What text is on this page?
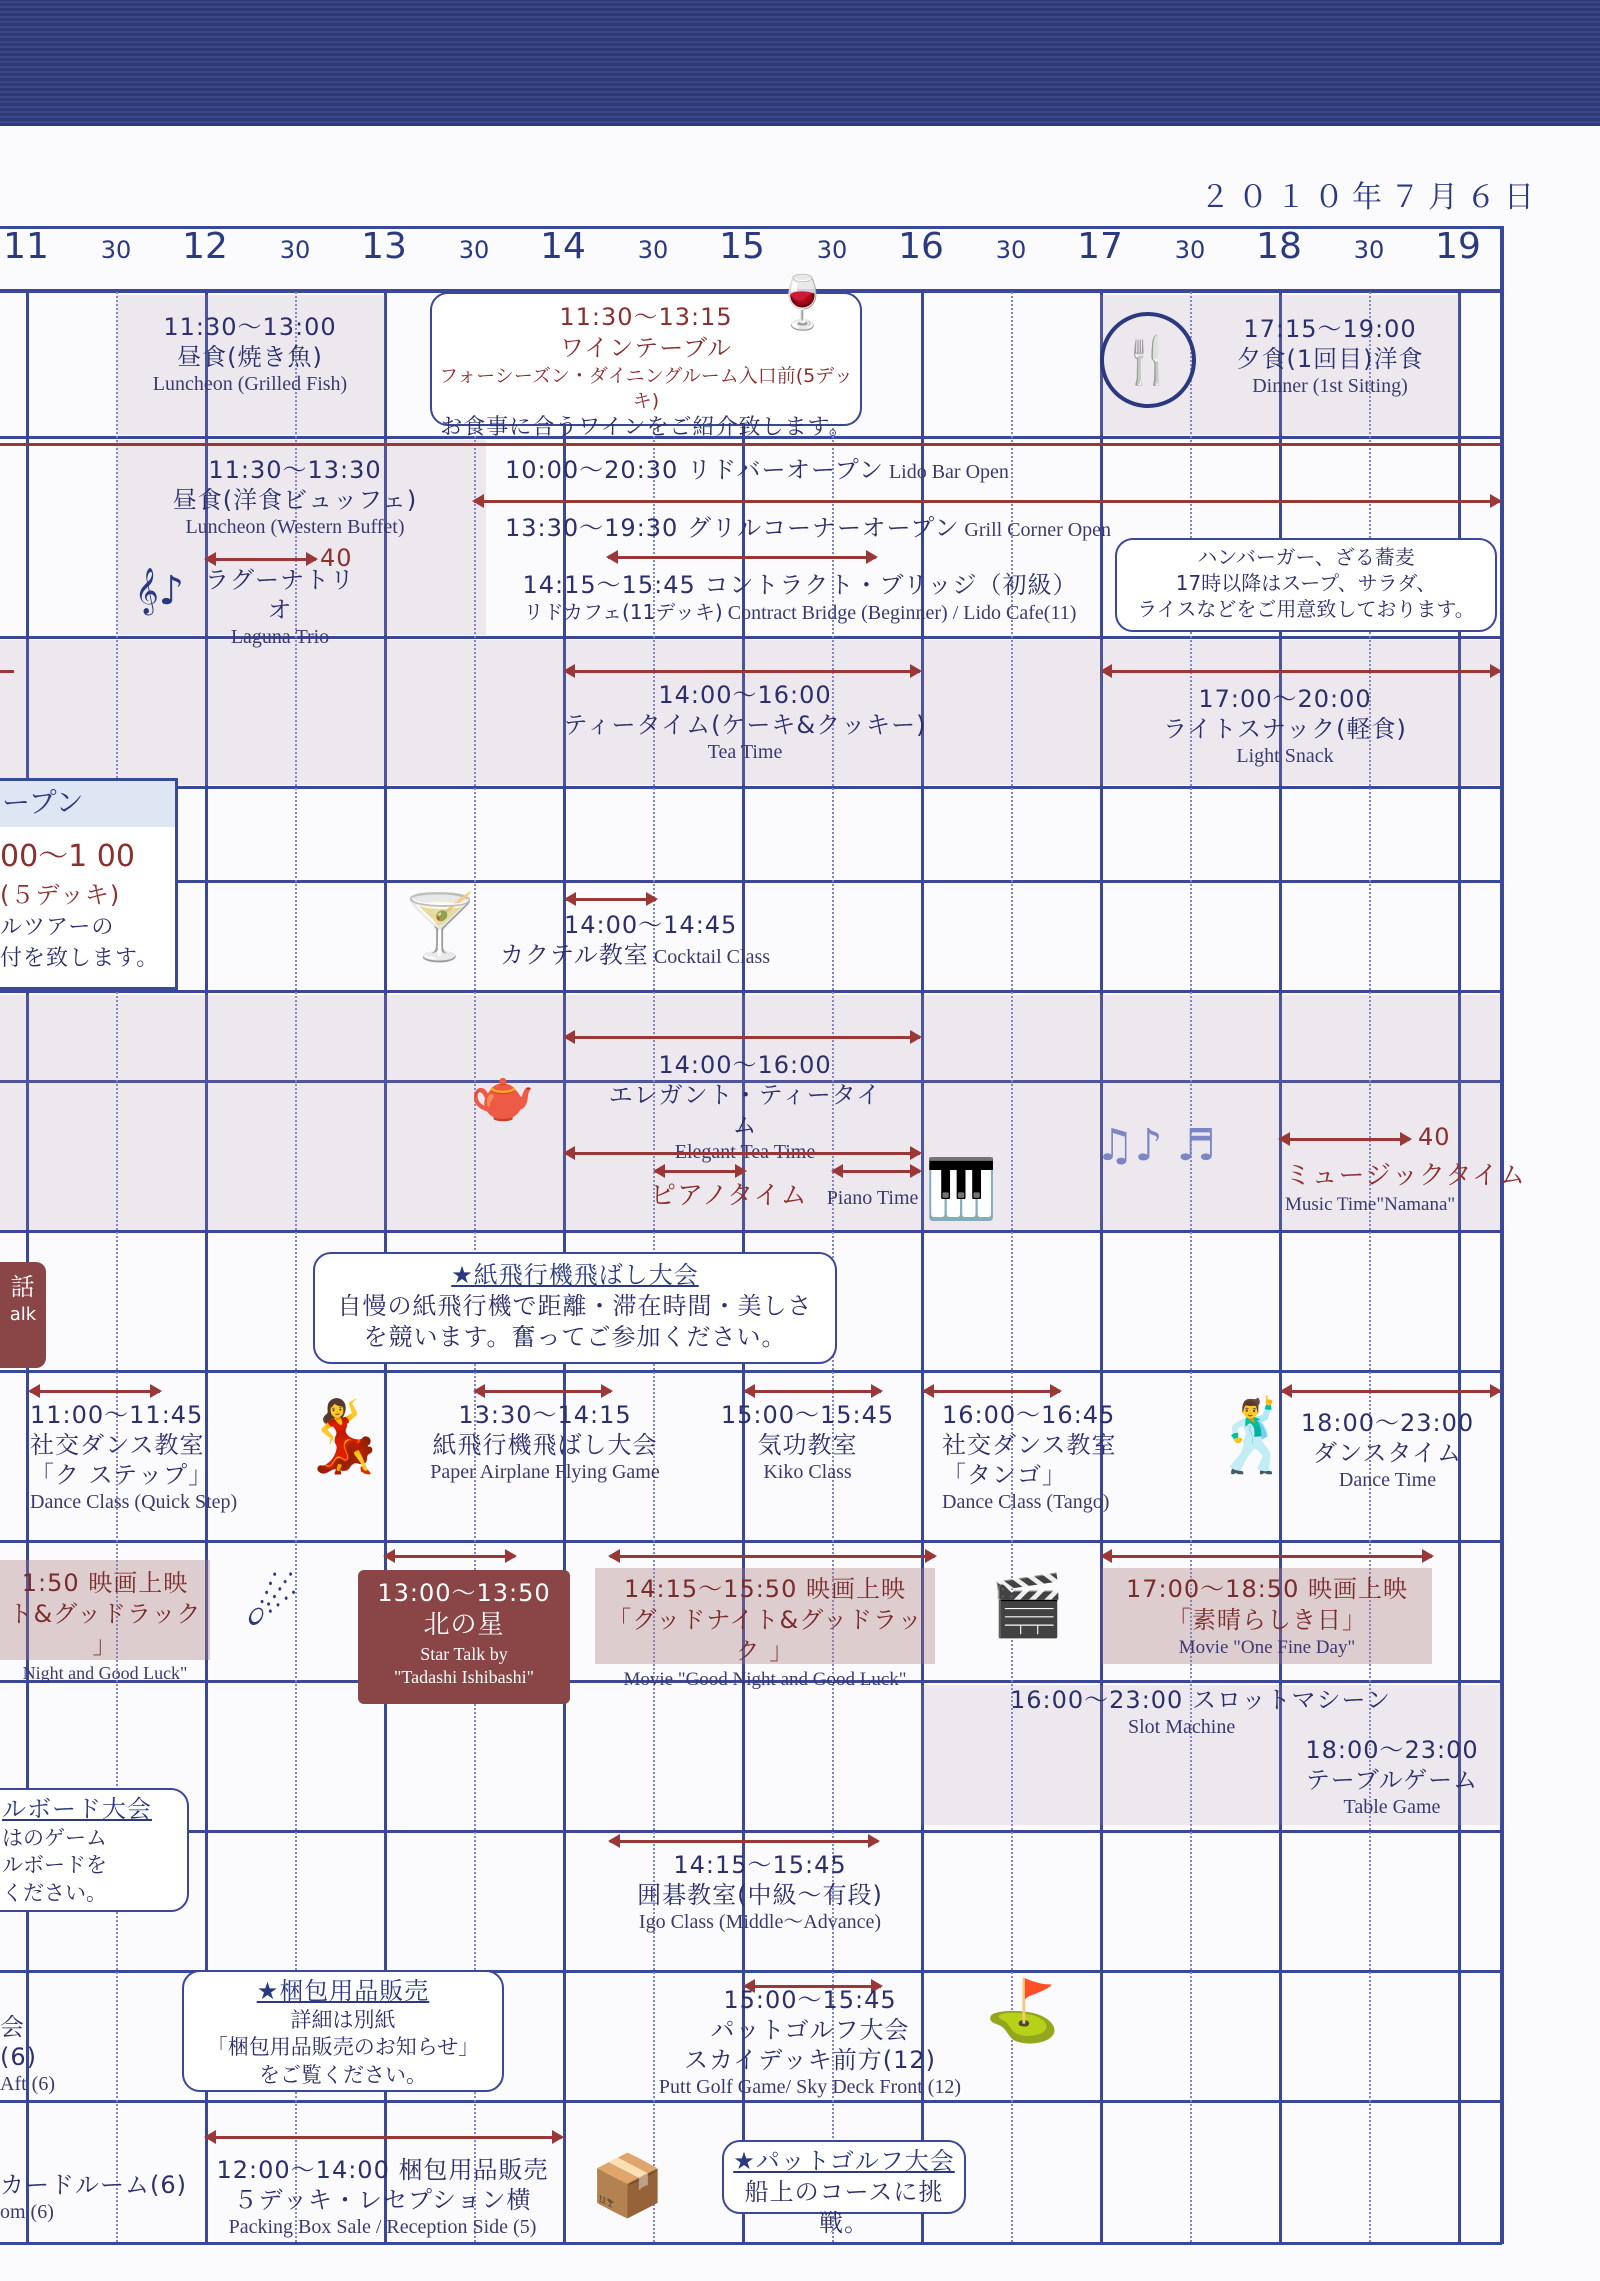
２０１０年７月６日
11	12	13	14	15	16	17	18	19
30	30	30	30	30	30	30	30
11:30〜13:00
昼食(焼き魚)
Luncheon (Grilled Fish)
11:30〜13:15
ワインテーブル
フォーシーズン・ダイニングルーム入口前(5デッキ)
お食事に合うワインをご紹介致します。
🍷
🍴
17:15〜19:00
夕食(1回目)洋食
Dinner (1st Sitting)
11:30〜13:30
昼食(洋食ビュッフェ)
Luncheon (Western Buffet)
40
𝄞♪ ラグーナトリオ
Laguna Trio
10:00〜20:30 リドバーオープン Lido Bar Open
13:30〜19:30 グリルコーナーオープン Grill Corner Open
14:15〜15:45 コントラクト・ブリッジ（初級）
リドカフェ(11デッキ) Contract Bridge (Beginner) / Lido Cafe(11)
ハンバーガー、ざる蕎麦
17時以降はスープ、サラダ、
ライスなどをご用意致しております。
14:00〜16:00
ティータイム(ケーキ&クッキー)
Tea Time
17:00〜20:00
ライトスナック(軽食)
Light Snack
ープン
00〜1 00
(５デッキ)
ルツアーの
付を致します。	🍸	14:00〜14:45
カクテル教室 Cocktail Class
14:00〜16:00
エレガント・ティータイム
🫖
ピアノタイム Piano Time 🎹
♫♪ ♬	40
ミュージックタイム
Music Time"Namana"
話
alk
★紙飛行機飛ばし大会
自慢の紙飛行機で距離・滞在時間・美しさ
を競います。奮ってご参加ください。
11:00〜11:45
社交ダンス教室
「ク ステップ」
Dance Class (Quick Step)
💃	13:30〜14:15
紙飛行機飛ばし大会
Paper Airplane Flying Game
15:00〜15:45
気功教室
Kiko Class
16:00〜16:45
社交ダンス教室
「タンゴ」
Dance Class (Tango)
🕺 18:00〜23:00
ダンスタイム
Dance Time
1:50 映画上映
ト&グッドラック 」
Night and Good Luck"
☄	13:00〜13:50
北の星
Star Talk by
"Tadashi Ishibashi"
14:15〜15:50 映画上映
「グッドナイト&グッドラック 」
Movie "Good Night and Good Luck"
🎬	17:00〜18:50 映画上映
「素晴らしき日」
Movie "One Fine Day"
16:00〜23:00 スロットマシーン
Slot Machine
18:00〜23:00
テーブルゲーム
Table Game
ルボード大会
はのゲーム
ルボードを
ください。
14:15〜15:45
囲碁教室(中級〜有段)
Igo Class (Middle〜Advance)
会
(6)
Aft (6)
★梱包用品販売
詳細は別紙
「梱包用品販売のお知らせ」
をご覧ください。
15:00〜15:45
パットゴルフ大会
スカイデッキ前方(12)
Putt Golf Game/ Sky Deck Front (12)
⛳
カードルーム(6)
om (6)
12:00〜14:00 梱包用品販売
５デッキ・レセプション横
Packing Box Sale / Reception Side (5)
📦	★パットゴルフ大会
船上のコースに挑戦。
